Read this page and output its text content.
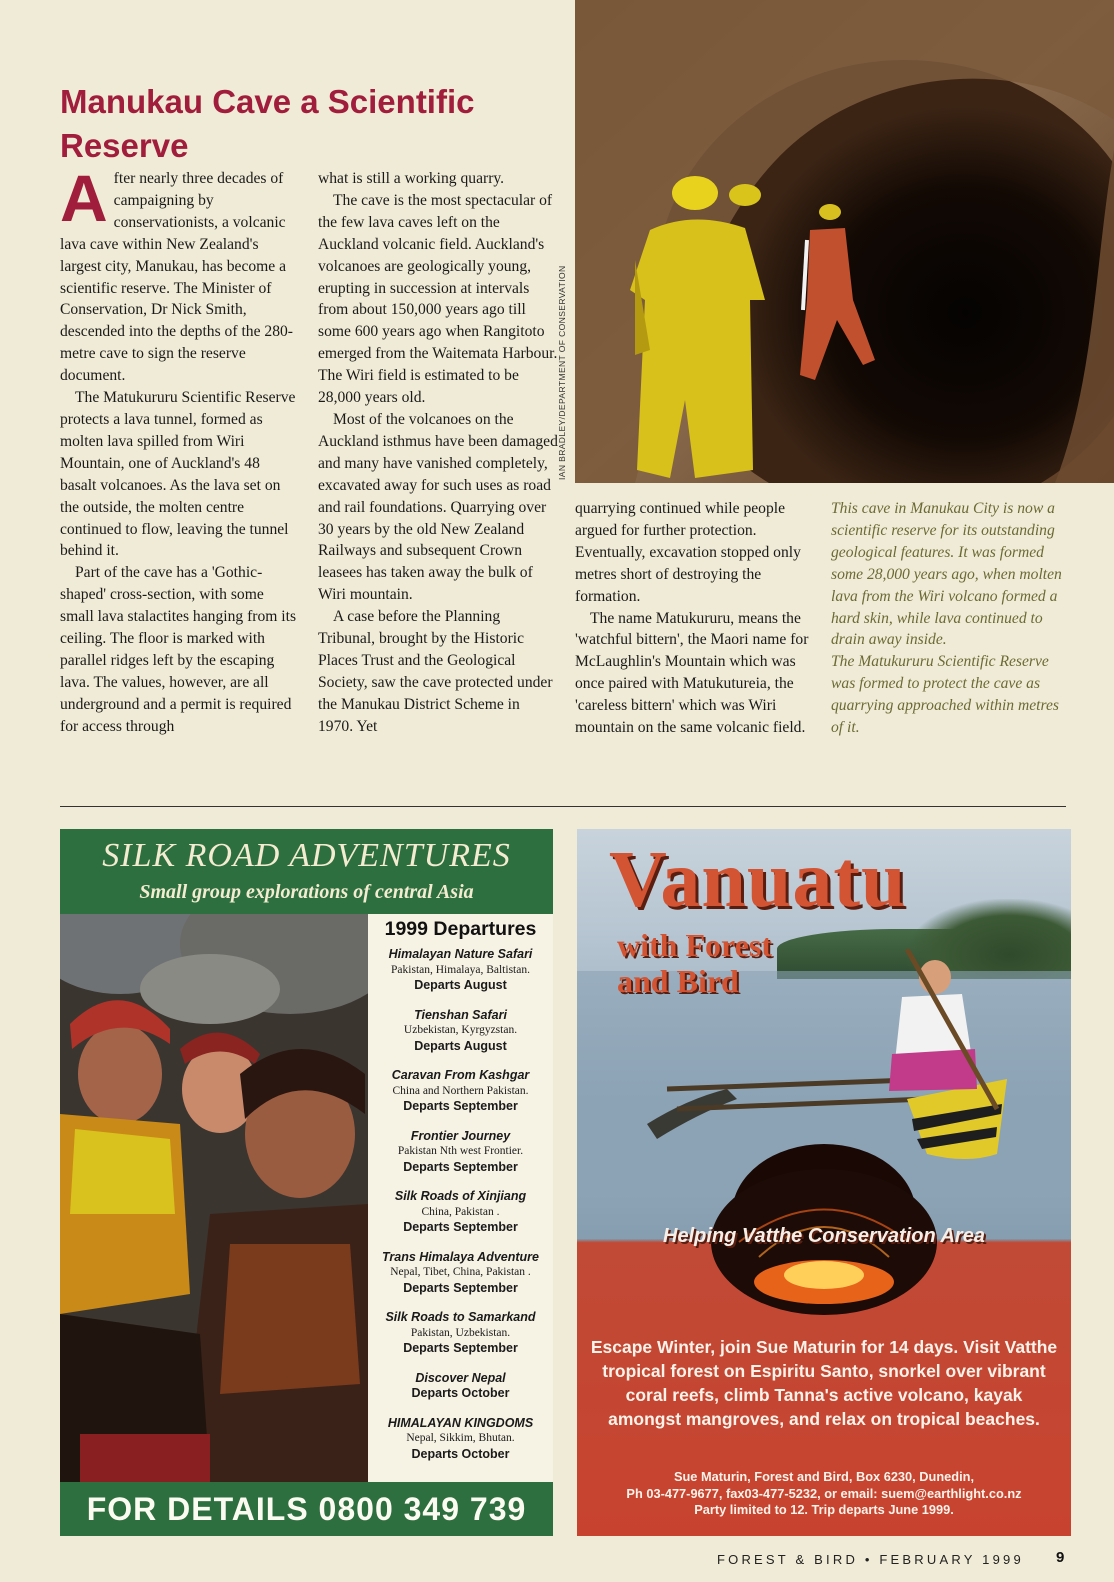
Manukau Cave a Scientific Reserve

After nearly three decades of campaigning by conservationists, a volcanic lava cave within New Zealand's largest city, Manukau, has become a scientific reserve. The Minister of Conservation, Dr Nick Smith, descended into the depths of the 280-metre cave to sign the reserve document.

The Matukururu Scientific Reserve protects a lava tunnel, formed as molten lava spilled from Wiri Mountain, one of Auckland's 48 basalt volcanoes. As the lava set on the outside, the molten centre continued to flow, leaving the tunnel behind it.

Part of the cave has a 'Gothic-shaped' cross-section, with some small lava stalactites hanging from its ceiling. The floor is marked with parallel ridges left by the escaping lava. The values, however, are all underground and a permit is required for access through

what is still a working quarry.

The cave is the most spectacular of the few lava caves left on the Auckland volcanic field. Auckland's volcanoes are geologically young, erupting in succession at intervals from about 150,000 years ago till some 600 years ago when Rangitoto emerged from the Waitemata Harbour. The Wiri field is estimated to be 28,000 years old.

Most of the volcanoes on the Auckland isthmus have been damaged and many have vanished completely, excavated away for such uses as road and rail foundations. Quarrying over 30 years by the old New Zealand Railways and subsequent Crown leasees has taken away the bulk of Wiri mountain.

A case before the Planning Tribunal, brought by the Historic Places Trust and the Geological Society, saw the cave protected under the Manukau District Scheme in 1970. Yet

IAN BRADLEY/DEPARTMENT OF CONSERVATION

quarrying continued while people argued for further protection. Eventually, excavation stopped only metres short of destroying the formation.

The name Matukururu, means the 'watchful bittern', the Maori name for McLaughlin's Mountain which was once paired with Matukutureia, the 'careless bittern' which was Wiri mountain on the same volcanic field.

This cave in Manukau City is now a scientific reserve for its outstanding geological features. It was formed some 28,000 years ago, when molten lava from the Wiri volcano formed a hard skin, while lava continued to drain away inside.

The Matukururu Scientific Reserve was formed to protect the cave as quarrying approached within metres of it.

SILK ROAD ADVENTURES
Small group explorations of central Asia
1999 Departures
Himalayan Nature Safari
Pakistan, Himalaya, Baltistan.
Departs August
Tienshan Safari
Uzbekistan, Kyrgyzstan.
Departs August
Caravan From Kashgar
China and Northern Pakistan.
Departs September
Frontier Journey
Pakistan Nth west Frontier.
Departs September
Silk Roads of Xinjiang
China, Pakistan .
Departs September
Trans Himalaya Adventure
Nepal, Tibet, China, Pakistan .
Departs September
Silk Roads to Samarkand
Pakistan, Uzbekistan.
Departs September
Discover Nepal
Departs October
HIMALAYAN KINGDOMS
Nepal, Sikkim, Bhutan.
Departs October
FOR DETAILS 0800 349 739
Vanuatu
with Forest
and Bird
Helping Vatthe Conservation Area
Escape Winter, join Sue Maturin for 14 days. Visit Vatthe tropical forest on Espiritu Santo, snorkel over vibrant coral reefs, climb Tanna's active volcano, kayak amongst mangroves, and relax on tropical beaches.
Sue Maturin, Forest and Bird, Box 6230, Dunedin,
Ph 03-477-9677, fax03-477-5232, or email: suem@earthlight.co.nz
Party limited to 12. Trip departs June 1999.
FOREST & BIRD • FEBRUARY 1999 9
